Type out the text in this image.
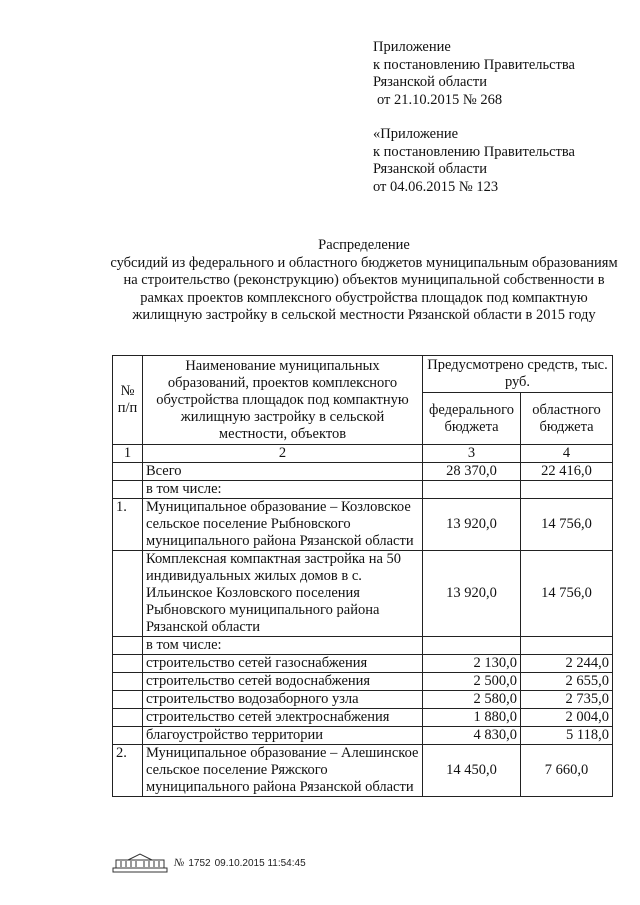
Приложение
к постановлению Правительства
Рязанской области
от 21.10.2015 № 268
«Приложение
к постановлению Правительства
Рязанской области
от 04.06.2015 № 123
Распределение
субсидий из федерального и областного бюджетов муниципальным образованиям на строительство (реконструкцию) объектов муниципальной собственности в рамках проектов комплексного обустройства площадок под компактную жилищную застройку в сельской местности Рязанской области в 2015 году
№ п/п	Наименование муниципальных образований, проектов комплексного обустройства площадок под компактную жилищную застройку в сельской местности, объектов	Предусмотрено средств, тыс. руб.	
		федерального бюджета	областного бюджета
1	2	3	4
	Всего	28 370,0	22 416,0
	в том числе:		
1.	Муниципальное образование – Козловское сельское поселение Рыбновского муниципального района Рязанской области	13 920,0	14 756,0
	Комплексная компактная застройка на 50 индивидуальных жилых домов в с. Ильинское Козловского поселения Рыбновского муниципального района Рязанской области	13 920,0	14 756,0
	в том числе:		
	строительство сетей газоснабжения	2 130,0	2 244,0
	строительство сетей водоснабжения	2 500,0	2 655,0
	строительство водозаборного узла	2 580,0	2 735,0
	строительство сетей электроснабжения	1 880,0	2 004,0
	благоустройство территории	4 830,0	5 118,0
2.	Муниципальное образование – Алешинское сельское поселение Ряжского муниципального района Рязанской области	14 450,0	7 660,0
№ 1752 09.10.2015 11:54:45
